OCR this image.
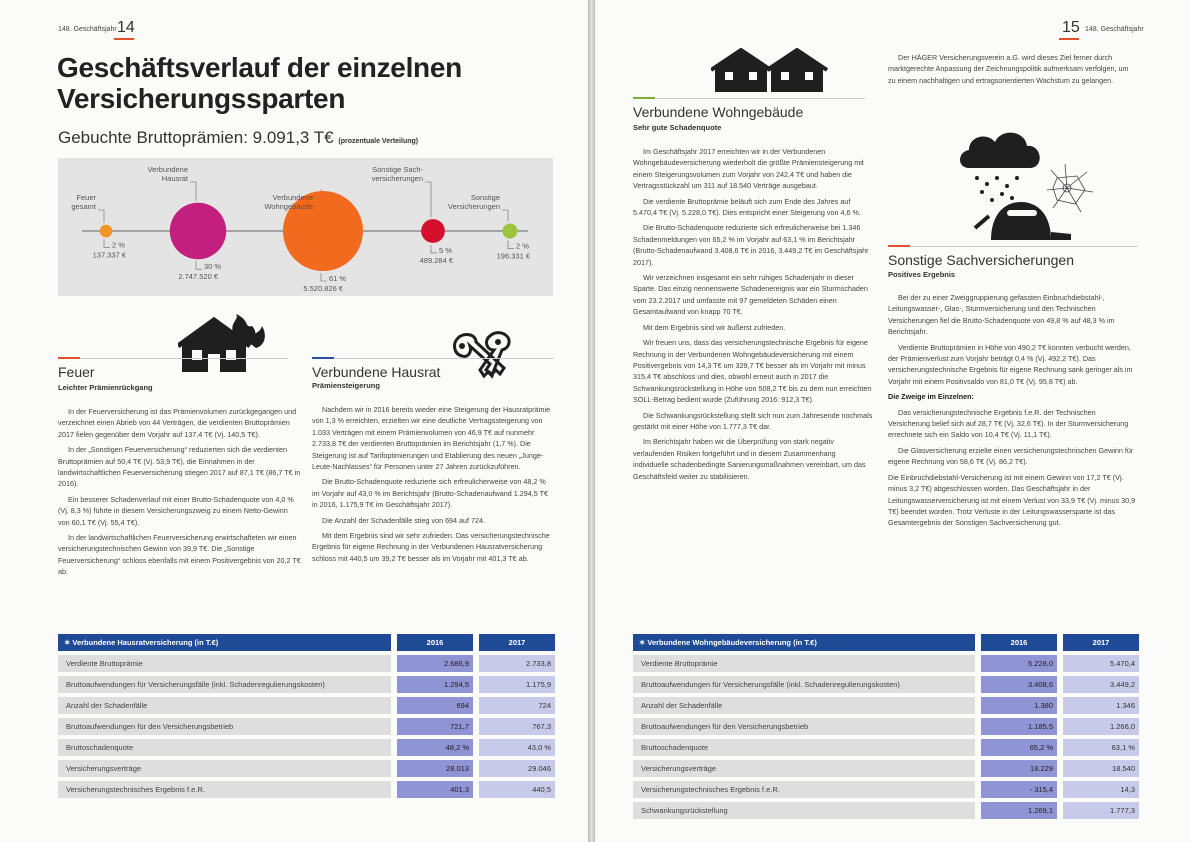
148. Geschäftsjahr 14
Geschäftsverlauf der einzelnen
Versicherungssparten
Gebuchte Bruttoprämien: 9.091,3 T€ (prozentuale Verteilung)
Feuer
gesamt
2 %
137.337 €
Verbundene
Hausrat
30 %
2.747.520 €
Verbundene
Wohngebäude
61 %
5.520.826 €
Sonstige Sach-
versicherungen
5 %
489.284 €
Sonstige
Versicherungen
2 %
196.331 €
Feuer
Leichter Prämienrückgang

In der Feuerversicherung ist das Prämienvolumen zurückgegangen und verzeichnet einen Abrieb von 44 Verträgen, die verdienten Bruttoprämien 2017 fielen gegenüber dem Vorjahr auf 137,4 T€ (Vj. 140,5 T€).

In der „Sonstigen Feuerversicherung“ reduzierten sich die verdienten Bruttoprämien auf 50,4 T€ (Vj. 53,9 T€), die Einnahmen in der landwirtschaftlichen Feuerversicherung stiegen 2017 auf 87,1 T€ (86,7 T€ in 2016).

Ein besserer Schadenverlauf mit einer Brutto-Schadenquote von 4,0 % (Vj. 8,3 %) führte in diesem Versicherungszweig zu einem Netto-Gewinn von 60,1 T€ (Vj. 55,4 T€).

In der landwirtschaftlichen Feuerversicherung erwirtschafteten wir einen versicherungstechnischen Gewinn von 39,9 T€. Die „Sonstige Feuerversicherung“ schloss ebenfalls mit einem Positivergebnis von 20,2 T€ ab.

Verbundene Hausrat
Prämiensteigerung

Nachdem wir in 2016 bereits wieder eine Steigerung der Hausratprämie von 1,3 % erreichten, erzielten wir eine deutliche Vertragssteigerung von 1.033 Verträgen mit einem Prämienvolumen von 46,9 T€ auf nunmehr 2.733,8 T€ der verdienten Bruttoprämien im Berichtsjahr (1,7 %). Die Steigerung ist auf Tarifoptimierungen und Etablierung des neuen „Junge-Leute-Nachlasses“ für Personen unter 27 Jahren zurückzuführen.

Die Brutto-Schadenquote reduzierte sich erfreulicherweise von 48,2 % im Vorjahr auf 43,0 % im Berichtsjahr (Brutto-Schadenaufwand 1.294,5 T€ in 2016, 1.175,9 T€ im Geschäftsjahr 2017).

Die Anzahl der Schadenfälle stieg von 694 auf 724.

Mit dem Ergebnis sind wir sehr zufrieden. Das versicherungstechnische Ergebnis für eigene Rechnung in der Verbundenen Hausratversicherung schloss mit 440,5 um 39,2 T€ besser als im Vorjahr mit 401,3 T€ ab.

✶ Verbundene Hausratversicherung (in T.€)		2016		2017
Verdiente Bruttoprämie		2.686,9		2.733,8
Bruttoaufwendungen für Versicherungsfälle (inkl. Schadenregulierungskosten)		1.294,5		1.175,9
Anzahl der Schadenfälle		694		724
Bruttoaufwendungen für den Versicherungsbetrieb		721,7		767,3
Bruttoschadenquote		48,2 %		43,0 %
Versicherungsverträge		28.013		29.046
Versicherungstechnisches Ergebnis f.e.R.		401,3		440,5
15 148. Geschäftsjahr
Verbundene Wohngebäude
Sehr gute Schadenquote

Im Geschäftsjahr 2017 erreichten wir in der Verbundenen Wohngebäudeversicherung wiederholt die größte Prämiensteigerung mit einem Steigerungsvolumen zum Vorjahr von 242,4 T€ und haben die Vertragsstückzahl um 311 auf 18.540 Verträge ausgebaut.

Die verdiente Bruttoprämie beläuft sich zum Ende des Jahres auf 5.470,4 T€ (Vj. 5.228,0 T€). Dies entspricht einer Steigerung von 4,6 %.

Die Brutto-Schadenquote reduzierte sich erfreulicherweise bei 1.346 Schadenmeldungen von 65,2 % im Vorjahr auf 63,1 % im Berichtsjahr (Brutto-Schadenaufwand 3.408,6 T€ in 2016, 3.449,2 T€ im Geschäftsjahr 2017).

Wir verzeichnen insgesamt ein sehr ruhiges Schadenjahr in dieser Sparte. Das einzig nennenswerte Schadenereignis war ein Sturmschaden vom 23.2.2017 und umfasste mit 97 gemeldeten Schäden einen Gesamtaufwand von knapp 70 T€.

Mit dem Ergebnis sind wir äußerst zufrieden.

Wir freuen uns, dass das versicherungstechnische Ergebnis für eigene Rechnung in der Verbundenen Wohngebäudeversicherung mit einem Positivergebnis von 14,3 T€ um 329,7 T€ besser als im Vorjahr mit minus 315,4 T€ abschloss und dies, obwohl erneut auch in 2017 die Schwankungsrückstellung in Höhe von 508,2 T€ bis zu dem nun erreichten SOLL-Betrag bedient wurde (Zuführung 2016: 912,3 T€).

Die Schwankungsrückstellung stellt sich nun zum Jahresende nochmals gestärkt mit einer Höhe von 1.777,3 T€ dar.

Im Berichtsjahr haben wir die Überprüfung von stark negativ verlaufenden Risiken fortgeführt und in diesem Zusammenhang individuelle schadenbedingte Sanierungsmaßnahmen vereinbart, um das Geschäftsfeld weiter zu stabilisieren.

Der HÄGER Versicherungsverein a.G. wird dieses Ziel ferner durch marktgerechte Anpassung der Zeichnungspolitik aufmerksam verfolgen, um zu einem nachhaltigen und ertragsorientierten Wachstum zu gelangen.

Sonstige Sachversicherungen
Positives Ergebnis

Bei der zu einer Zweiggruppierung gefassten Einbruchdiebstahl-, Leitungswasser-, Glas-, Sturmversicherung und den Technischen Versicherungen fiel die Brutto-Schadenquote von 49,8 % auf 48,3 % im Berichtsjahr.

Verdiente Bruttoprämien in Höhe von 490,2 T€ konnten verbucht werden, der Prämienverlust zum Vorjahr beträgt 0,4 % (Vj. 492,2 T€). Das versicherungstechnische Ergebnis für eigene Rechnung sank geringer als im Vorjahr mit einem Positivsaldo von 81,0 T€ (Vj. 95,8 T€) ab.

Die Zweige im Einzelnen:

Das versicherungstechnische Ergebnis f.e.R. der Technischen Versicherung belief sich auf 28,7 T€ (Vj. 32,6 T€). In der Sturmversicherung errechnete sich ein Saldo von 10,4 T€ (Vj. 11,1 T€).

Die Glasversicherung erzielte einen versicherungstechnischen Gewinn für eigene Rechnung von 58,6 T€ (Vj. 86,2 T€).

Die Einbruchdiebstahl-Versicherung ist mit einem Gewinn von 17,2 T€ (Vj. minus 3,2 T€) abgeschlossen worden. Das Geschäftsjahr in der Leitungswasserversicherung ist mit einem Verlust von 33,9 T€ (Vj. minus 30,9 T€) beendet worden. Trotz Verluste in der Leitungswassersparte ist das Gesamtergebnis der Sonstigen Sachversicherung gut.

✶ Verbundene Wohngebäudeversicherung (in T.€)		2016		2017
Verdiente Bruttoprämie		5.228,0		5.470,4
Bruttoaufwendungen für Versicherungsfälle (inkl. Schadenregulierungskosten)		3.408,6		3.449,2
Anzahl der Schadenfälle		1.380		1.346
Bruttoaufwendungen für den Versicherungsbetrieb		1.185,5		1.266,0
Bruttoschadenquote		65,2 %		63,1 %
Versicherungsverträge		18.229		18.540
Versicherungstechnisches Ergebnis f.e.R.		- 315,4		14,3
Schwankungsrückstellung		1.269,1		1.777,3
